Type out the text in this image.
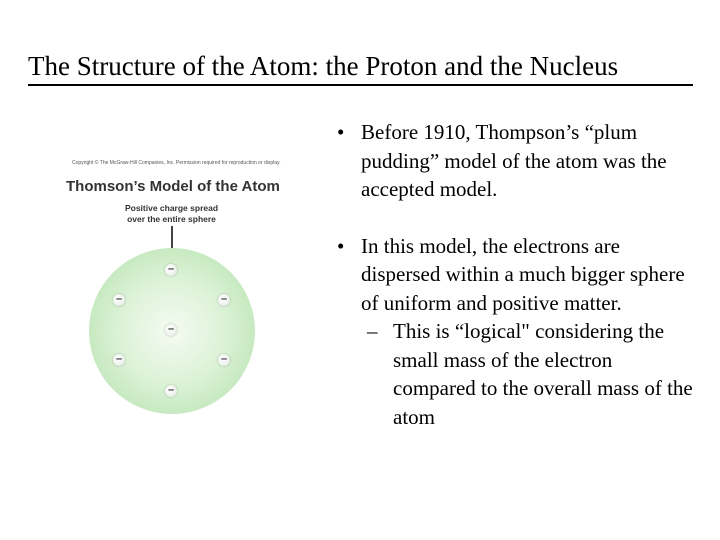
The Structure of the Atom: the Proton and the Nucleus
Copyright © The McGraw-Hill Companies, Inc. Permission required for reproduction or display.
Thomson’s Model of the Atom
Positive charge spread
over the entire sphere
–
–	–
–
–	–
–
• Before 1910, Thompson’s “plum pudding” model of the atom was the accepted model.
• In this model, the electrons are dispersed within a much bigger sphere of uniform and positive matter.
– This is “logical" considering the small mass of the electron compared to the overall mass of the atom
